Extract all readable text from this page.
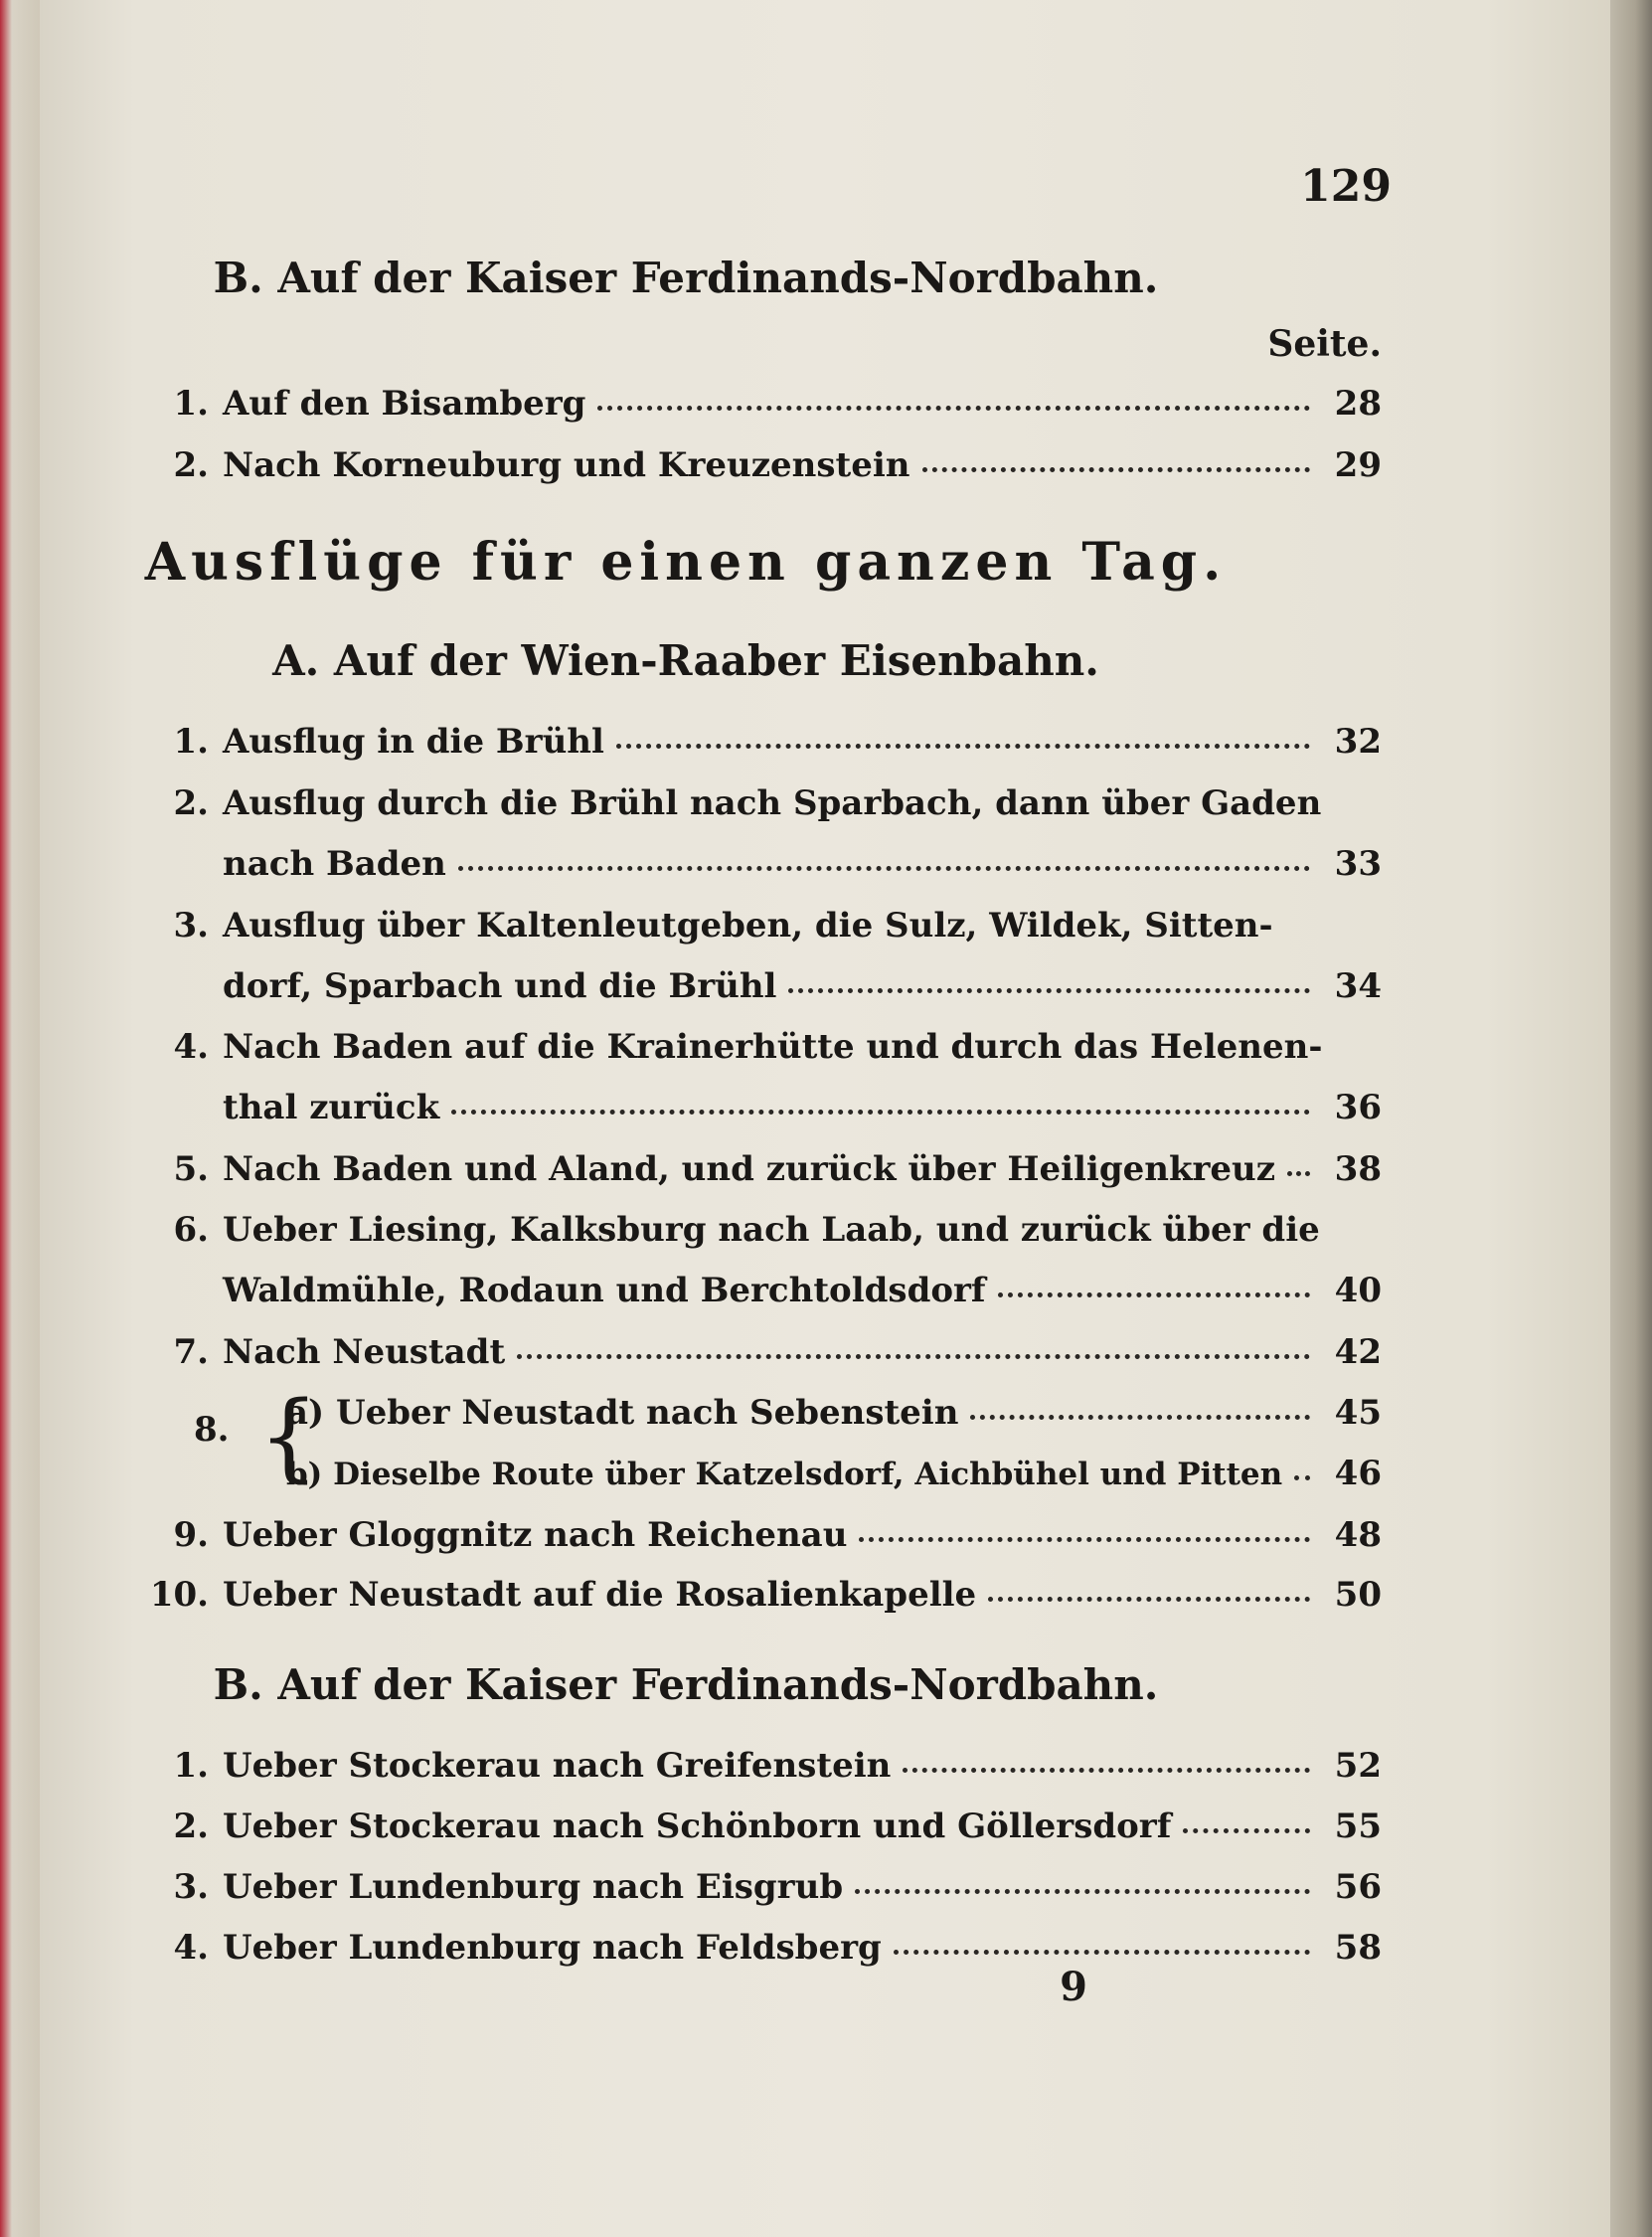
129
B. Auf der Kaiser Ferdinands-Nordbahn.
Seite.
1. Auf den Bisamberg	28
2. Nach Korneuburg und Kreuzenstein	29
Ausflüge für einen ganzen Tag.
A. Auf der Wien-Raaber Eisenbahn.
1. Ausflug in die Brühl	32
2. Ausflug durch die Brühl nach Sparbach, dann über Gaden
nach Baden	33
3. Ausflug über Kaltenleutgeben, die Sulz, Wildek, Sitten-
dorf, Sparbach und die Brühl	34
4. Nach Baden auf die Krainerhütte und durch das Helenen-
thal zurück	36
5. Nach Baden und Aland, und zurück über Heiligenkreuz	38
6. Ueber Liesing, Kalksburg nach Laab, und zurück über die
Waldmühle, Rodaun und Berchtoldsdorf	40
7. Nach Neustadt	42
8. {
a) Ueber Neustadt nach Sebenstein	45
b) Dieselbe Route über Katzelsdorf, Aichbühel und Pitten	46
9. Ueber Gloggnitz nach Reichenau	48
10. Ueber Neustadt auf die Rosalienkapelle	50
B. Auf der Kaiser Ferdinands-Nordbahn.
1. Ueber Stockerau nach Greifenstein	52
2. Ueber Stockerau nach Schönborn und Göllersdorf	55
3. Ueber Lundenburg nach Eisgrub	56
4. Ueber Lundenburg nach Feldsberg	58
9
